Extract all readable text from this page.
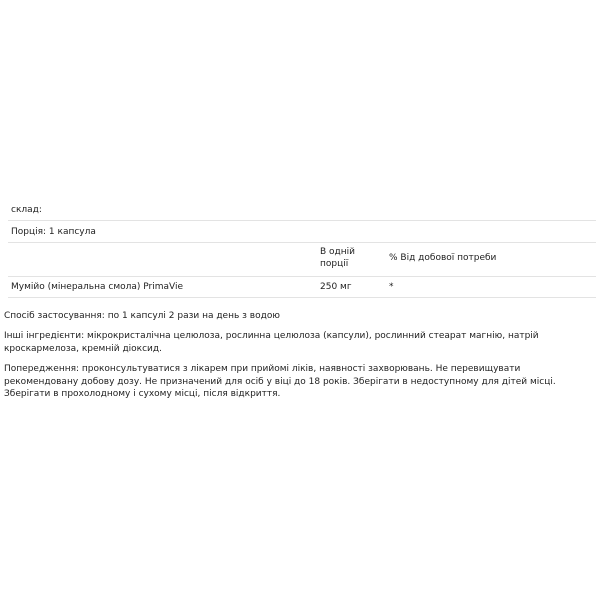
склад:
Порція: 1 капсула
В одній
порції
% Від добової потреби
Мумійо (мінеральна смола) PrimaVie	250 мг	*

Спосіб застосування: по 1 капсулі 2 рази на день з водою

Інші інгредієнти: мікрокристалічна целюлоза, рослинна целюлоза (капсули), рослинний стеарат магнію, натрій кроскармелоза, кремній діоксид.

Попередження: проконсультуватися з лікарем при прийомі ліків, наявності захворювань. Не перевищувати рекомендовану добову дозу. Не призначений для осіб у віці до 18 років. Зберігати в недоступному для дітей місці. Зберігати в прохолодному і сухому місці, після відкриття.
